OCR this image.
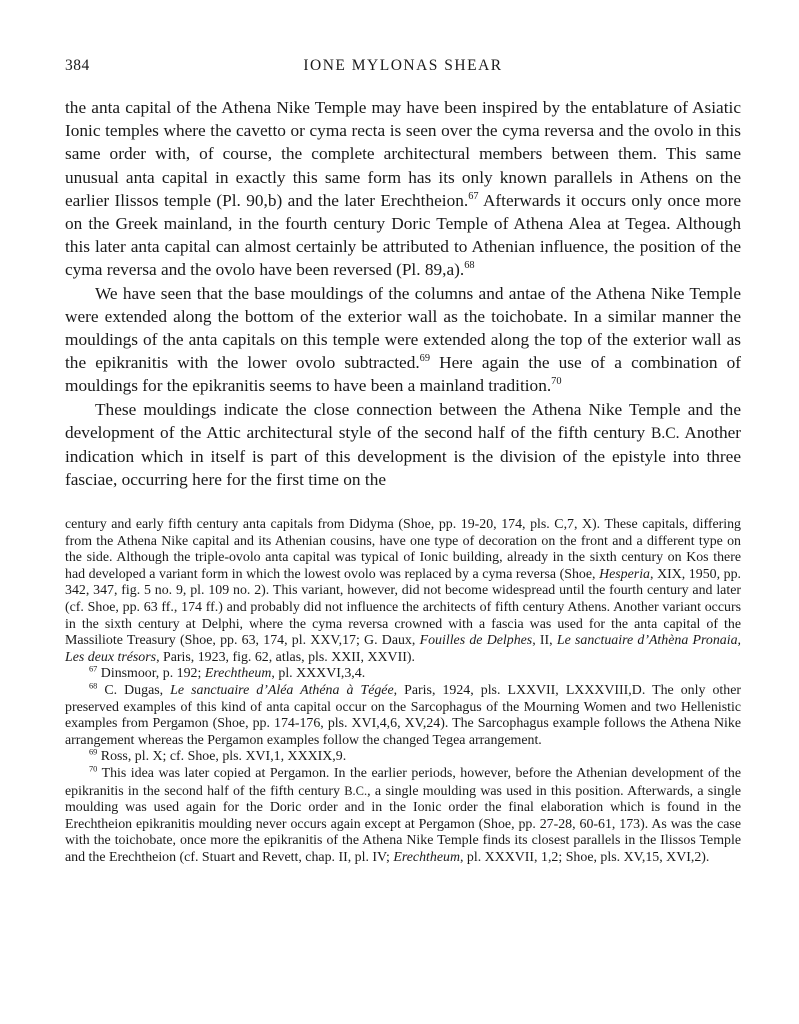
384	IONE MYLONAS SHEAR

the anta capital of the Athena Nike Temple may have been inspired by the entablature of Asiatic Ionic temples where the cavetto or cyma recta is seen over the cyma reversa and the ovolo in this same order with, of course, the complete architectural members between them. This same unusual anta capital in exactly this same form has its only known parallels in Athens on the earlier Ilissos temple (Pl. 90,b) and the later Erechtheion.$^{67}$ Afterwards it occurs only once more on the Greek mainland, in the fourth century Doric Temple of Athena Alea at Tegea. Although this later anta capital can almost certainly be attributed to Athenian influence, the position of the cyma reversa and the ovolo have been reversed (Pl. 89,a).$^{68}$

We have seen that the base mouldings of the columns and antae of the Athena Nike Temple were extended along the bottom of the exterior wall as the toichobate. In a similar manner the mouldings of the anta capitals on this temple were extended along the top of the exterior wall as the epikranitis with the lower ovolo subtracted.$^{69}$ Here again the use of a combination of mouldings for the epikranitis seems to have been a mainland tradition.$^{70}$

These mouldings indicate the close connection between the Athena Nike Temple and the development of the Attic architectural style of the second half of the fifth century B.C. Another indication which in itself is part of this development is the division of the epistyle into three fasciae, occurring here for the first time on the

century and early fifth century anta capitals from Didyma (Shoe, pp. 19-20, 174, pls. C,7, X). These capitals, differing from the Athena Nike capital and its Athenian cousins, have one type of decoration on the front and a different type on the side. Although the triple-ovolo anta capital was typical of Ionic building, already in the sixth century on Kos there had developed a variant form in which the lowest ovolo was replaced by a cyma reversa (Shoe, Hesperia, XIX, 1950, pp. 342, 347, fig. 5 no. 9, pl. 109 no. 2). This variant, however, did not become widespread until the fourth century and later (cf. Shoe, pp. 63 ff., 174 ff.) and probably did not influence the architects of fifth century Athens. Another variant occurs in the sixth century at Delphi, where the cyma reversa crowned with a fascia was used for the anta capital of the Massiliote Treasury (Shoe, pp. 63, 174, pl. XXV,17; G. Daux, Fouilles de Delphes, II, Le sanctuaire d’Athèna Pronaia, Les deux trésors, Paris, 1923, fig. 62, atlas, pls. XXII, XXVII).

$^{67}$ Dinsmoor, p. 192; Erechtheum, pl. XXXVI,3,4.

$^{68}$ C. Dugas, Le sanctuaire d’Aléa Athéna à Tégée, Paris, 1924, pls. LXXVII, LXXXVIII,D. The only other preserved examples of this kind of anta capital occur on the Sarcophagus of the Mourning Women and two Hellenistic examples from Pergamon (Shoe, pp. 174-176, pls. XVI,4,6, XV,24). The Sarcophagus example follows the Athena Nike arrangement whereas the Pergamon examples follow the changed Tegea arrangement.

$^{69}$ Ross, pl. X; cf. Shoe, pls. XVI,1, XXXIX,9.

$^{70}$ This idea was later copied at Pergamon. In the earlier periods, however, before the Athenian development of the epikranitis in the second half of the fifth century B.C., a single moulding was used in this position. Afterwards, a single moulding was used again for the Doric order and in the Ionic order the final elaboration which is found in the Erechtheion epikranitis moulding never occurs again except at Pergamon (Shoe, pp. 27-28, 60-61, 173). As was the case with the toichobate, once more the epikranitis of the Athena Nike Temple finds its closest parallels in the Ilissos Temple and the Erechtheion (cf. Stuart and Revett, chap. II, pl. IV; Erechtheum, pl. XXXVII, 1,2; Shoe, pls. XV,15, XVI,2).
